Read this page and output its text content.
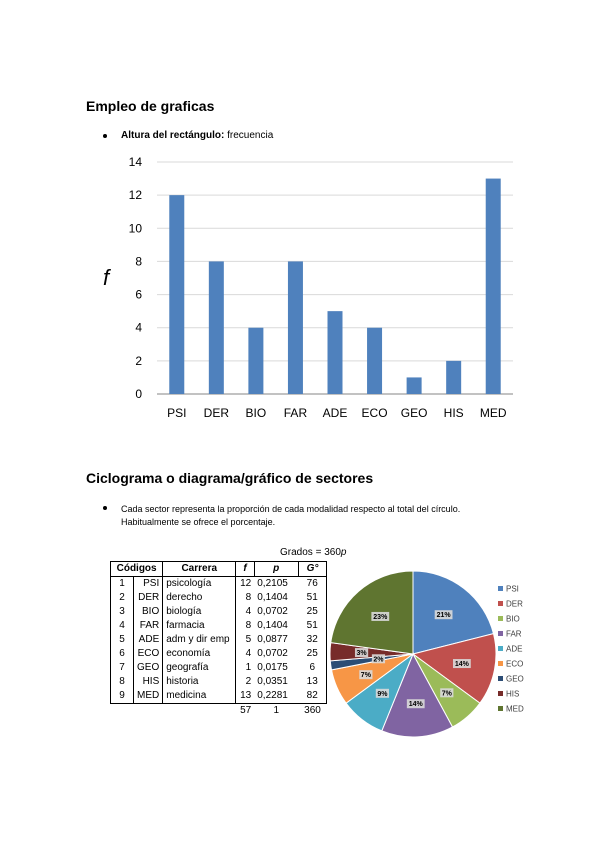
Empleo de graficas
Altura del rectángulo: frecuencia
0
2
4
6
8
10
12
14
PSI DER BIO FAR ADE ECO GEO HIS MED
f
Ciclograma o diagrama/gráfico de sectores
Cada sector representa la proporción de cada modalidad respecto al total del círculo.
Habitualmente se ofrece el porcentaje.
Grados = 360p
Códigos		Carrera	f	p	G°
1	PSI	psicología	12	0,2105	76
2	DER	derecho	8	0,1404	51
3	BIO	biología	4	0,0702	25
4	FAR	farmacia	8	0,1404	51
5	ADE	adm y dir emp	5	0,0877	32
6	ECO	economía	4	0,0702	25
7	GEO	geografía	1	0,0175	6
8	HIS	historia	2	0,0351	13
9	MED	medicina	13	0,2281	82
			57	1	360
21%
14%
7%
14%
9%
7%
2%
3%
23%
PSI
DER
BIO
FAR
ADE
ECO
GEO
HIS
MED
